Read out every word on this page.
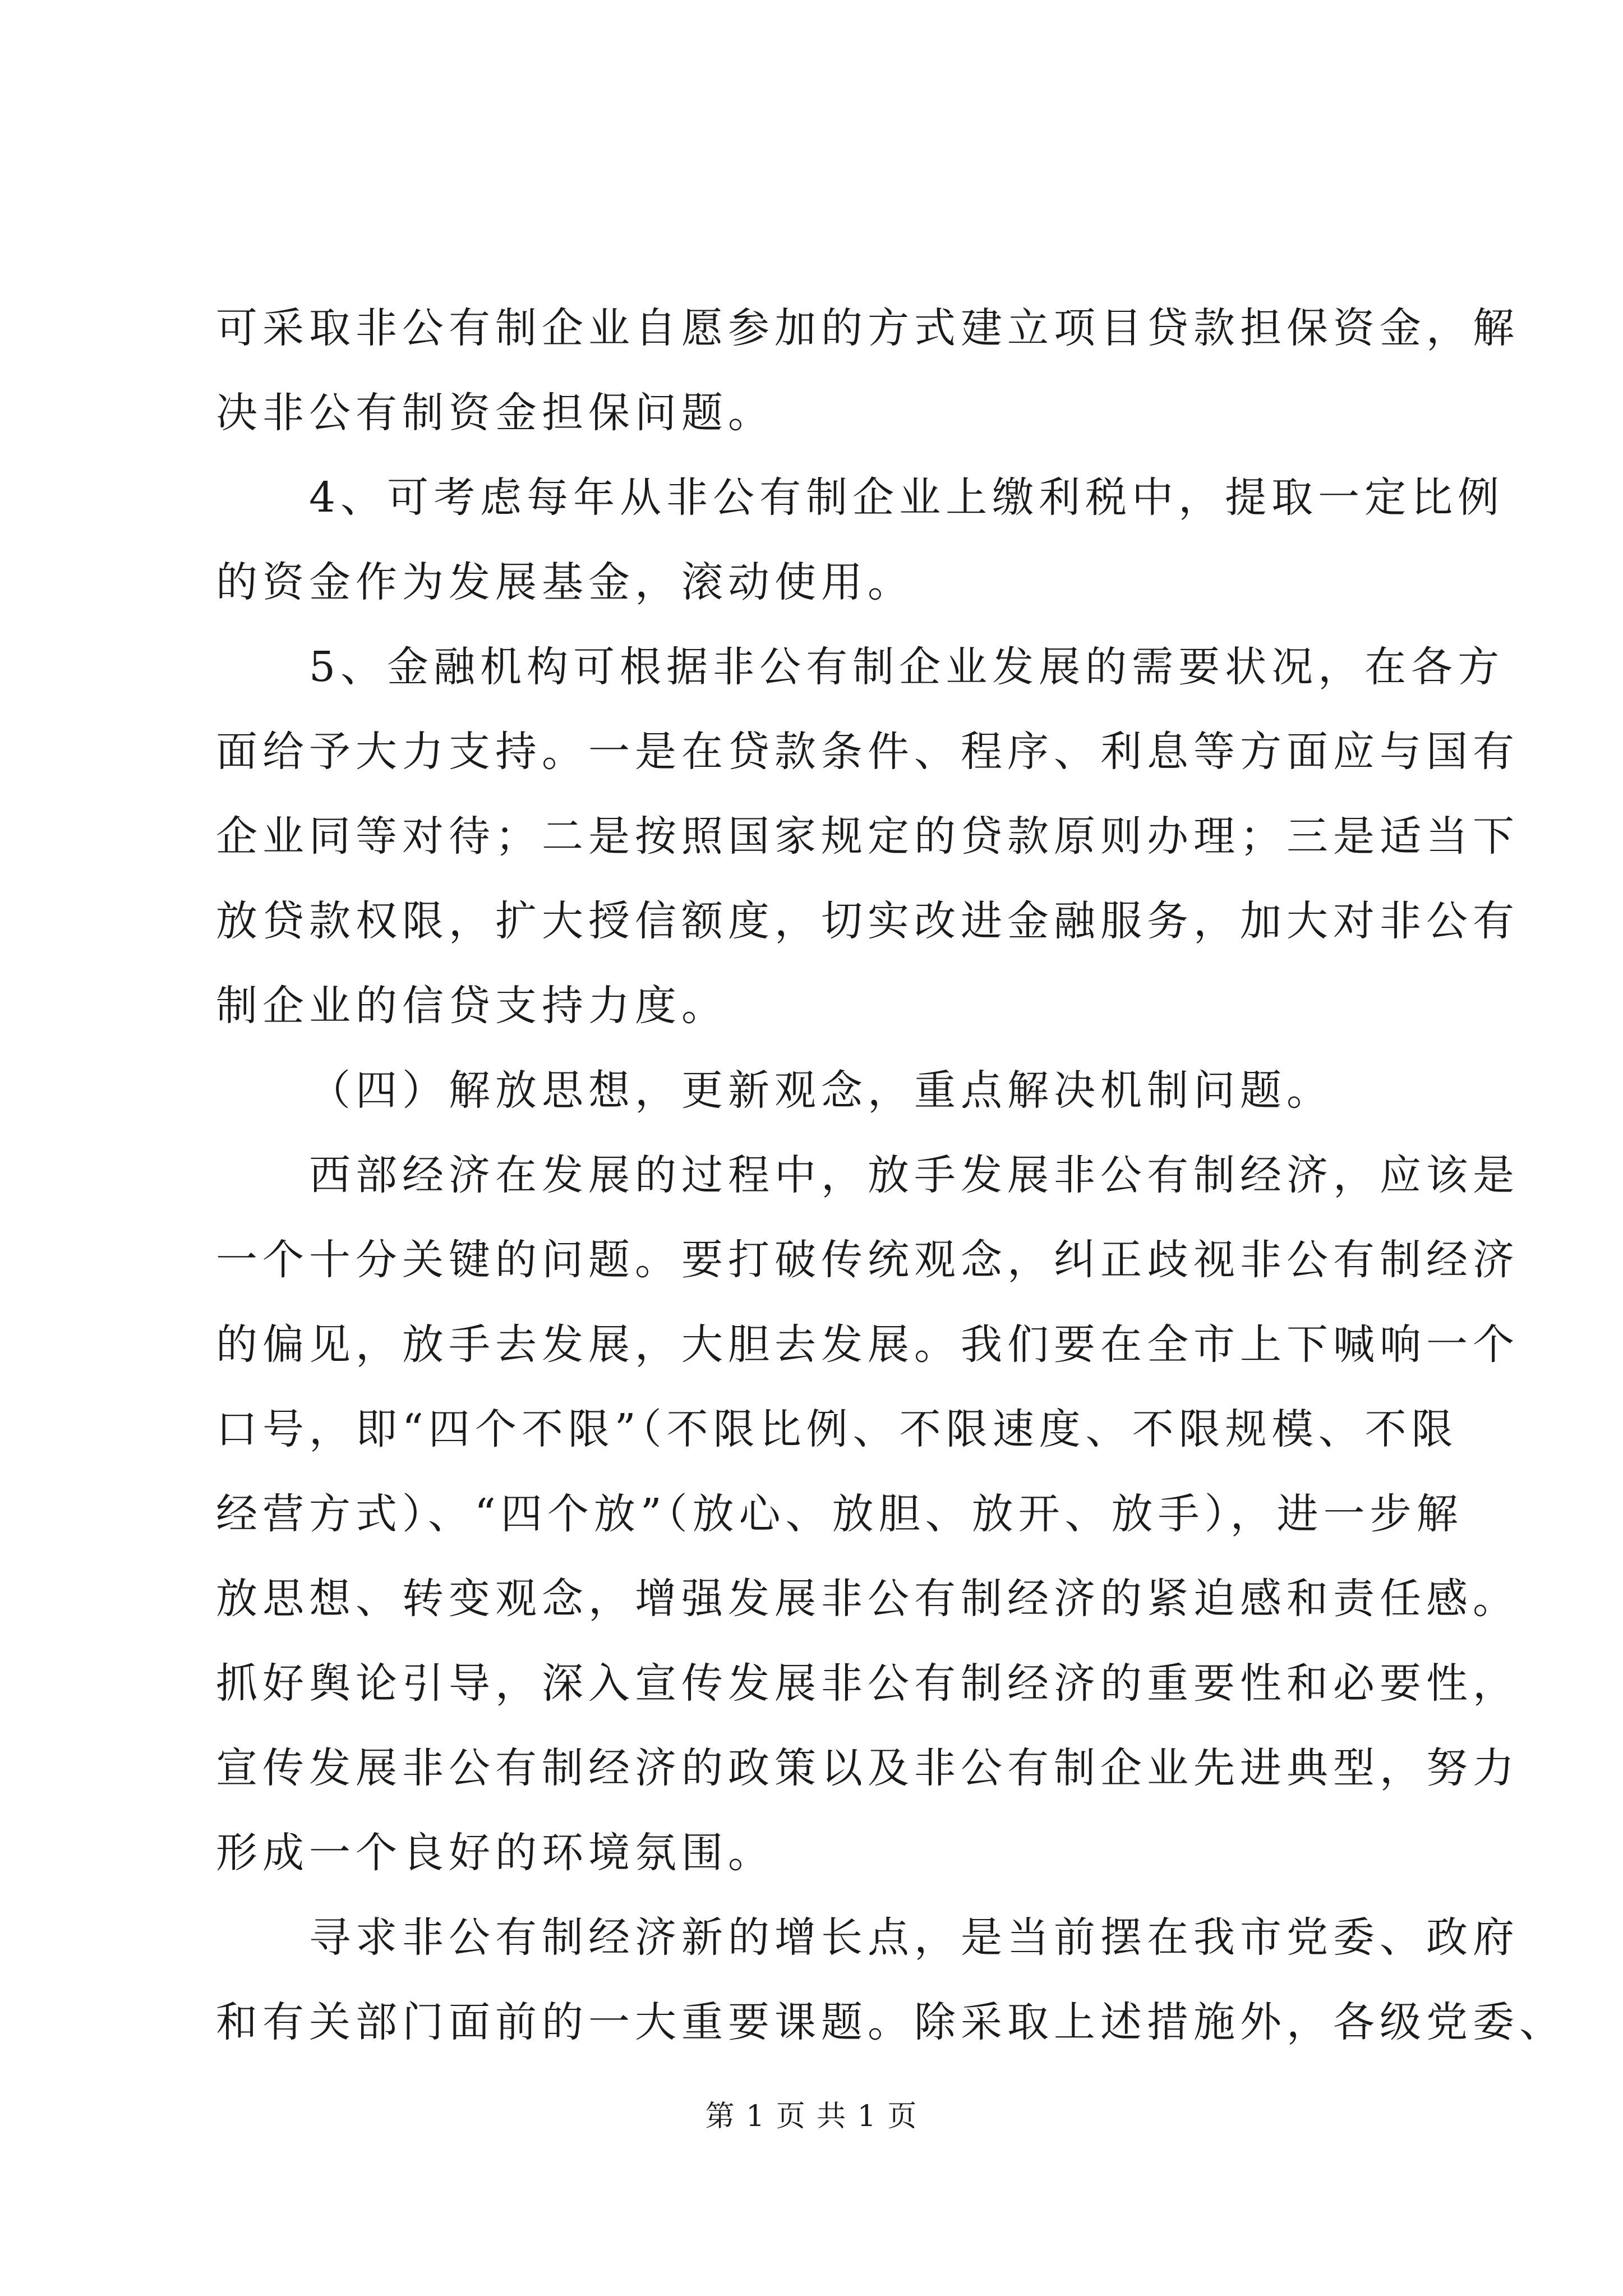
可采取非公有制企业自愿参加的方式建立项目贷款担保资金，解
决非公有制资金担保问题。
4、可考虑每年从非公有制企业上缴利税中，提取一定比例
的资金作为发展基金，滚动使用。
5、金融机构可根据非公有制企业发展的需要状况，在各方
面给予大力支持。一是在贷款条件、程序、利息等方面应与国有
企业同等对待；二是按照国家规定的贷款原则办理；三是适当下
放贷款权限，扩大授信额度，切实改进金融服务，加大对非公有
制企业的信贷支持力度。
（四）解放思想，更新观念，重点解决机制问题。
西部经济在发展的过程中，放手发展非公有制经济，应该是
一个十分关键的问题。要打破传统观念，纠正歧视非公有制经济
的偏见，放手去发展，大胆去发展。我们要在全市上下喊响一个
口号，即“四个不限”（不限比例、不限速度、不限规模、不限
经营方式）、“四个放”（放心、放胆、放开、放手），进一步解
放思想、转变观念，增强发展非公有制经济的紧迫感和责任感。
抓好舆论引导，深入宣传发展非公有制经济的重要性和必要性，
宣传发展非公有制经济的政策以及非公有制企业先进典型，努力
形成一个良好的环境氛围。
寻求非公有制经济新的增长点，是当前摆在我市党委、政府
和有关部门面前的一大重要课题。除采取上述措施外，各级党委、
第 1 页 共 1 页
